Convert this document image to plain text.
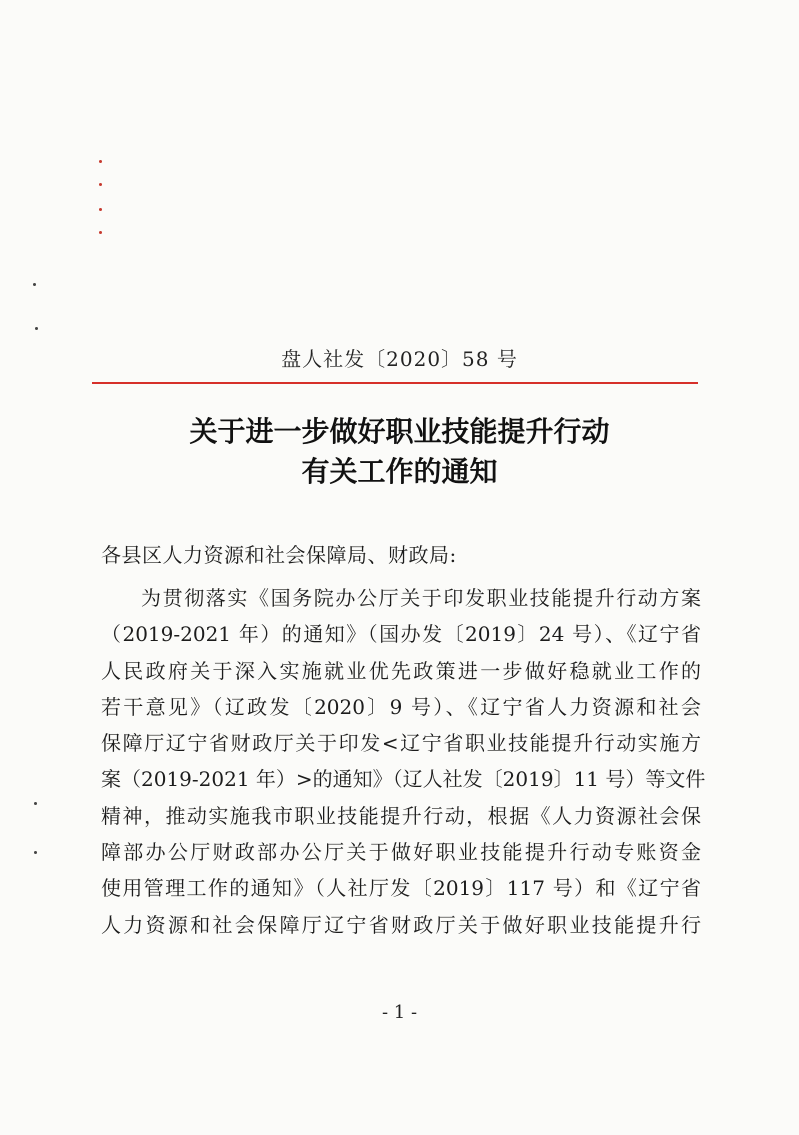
盘人社发〔2020〕58 号
关于进一步做好职业技能提升行动
有关工作的通知
各县区人力资源和社会保障局、财政局:
为贯彻落实《国务院办公厅关于印发职业技能提升行动方案
（2019-2021 年）的通知》（国办发〔2019〕24 号）、《辽宁省
人民政府关于深入实施就业优先政策进一步做好稳就业工作的
若干意见》（辽政发〔2020〕9 号）、《辽宁省人力资源和社会
保障厅辽宁省财政厅关于印发<辽宁省职业技能提升行动实施方
案（2019-2021 年）>的通知》（辽人社发〔2019〕11 号）等文件
精神，推动实施我市职业技能提升行动，根据《人力资源社会保
障部办公厅财政部办公厅关于做好职业技能提升行动专账资金
使用管理工作的通知》（人社厅发〔2019〕117 号）和《辽宁省
人力资源和社会保障厅辽宁省财政厅关于做好职业技能提升行
- 1 -
